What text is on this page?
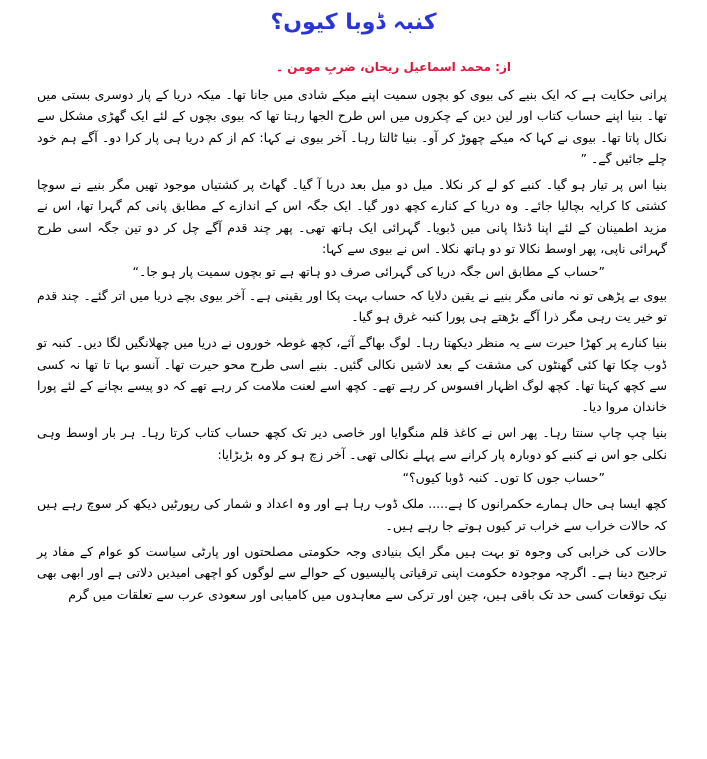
کنبہ ڈوبا کیوں؟
از: محمد اسماعیل ریحان، ضربِ مومن ۔

پرانی حکایت ہے کہ ایک بنیے کی بیوی کو بچوں سمیت اپنے میکے شادی میں جانا تھا۔ میکہ دریا کے پار دوسری بستی میں تھا۔ بنیا اپنے حساب کتاب اور لین دین کے چکروں میں اس طرح الجھا رہتا تھا کہ بیوی بچوں کے لئے ایک گھڑی مشکل سے نکال پاتا تھا۔ بیوی نے کہا کہ میکے چھوڑ کر آو۔ بنیا ٹالتا رہا۔ آخر بیوی نے کہا: کم از کم دریا ہی پار کرا دو۔ آگے ہم خود چلے جائیں گے۔ ”

بنیا اس پر تیار ہو گیا۔ کنبے کو لے کر نکلا۔ میل دو میل بعد دریا آ گیا۔ گھاٹ پر کشتیاں موجود تھیں مگر بنیے نے سوچا کشتی کا کرایہ بچالیا جائے۔ وہ دریا کے کنارے کچھ دور گیا۔ ایک جگہ اس کے اندازے کے مطابق پانی کم گہرا تھا، اس نے مزید اطمینان کے لئے اپنا ڈنڈا پانی میں ڈبویا۔ گہرائی ایک ہاتھ تھی۔ پھر چند قدم آگے چل کر دو تین جگہ اسی طرح گہرائی ناپی، پھر اوسط نکالا تو دو ہاتھ نکلا۔ اس نے بیوی سے کہا:

”حساب کے مطابق اس جگہ دریا کی گہرائی صرف دو ہاتھ ہے تو بچوں سمیت پار ہو جا۔“

بیوی بے پڑھی تو نہ مانی مگر بنیے نے یقین دلایا کہ حساب بہت پکا اور یقینی ہے۔ آخر بیوی بچے دریا میں اتر گئے۔ چند قدم تو خیر یت رہی مگر ذرا آگے بڑھتے ہی پورا کنبہ غرق ہو گیا۔

بنیا کنارے پر کھڑا حیرت سے یہ منظر دیکھتا رہا۔ لوگ بھاگے آئے، کچھ غوطہ خوروں نے دریا میں چھلانگیں لگا دیں۔ کنبہ تو ڈوب چکا تھا کئی گھنٹوں کی مشقت کے بعد لاشیں نکالی گئیں۔ بنیے اسی طرح محو حیرت تھا۔ آنسو بہا تا تھا نہ کسی سے کچھ کہتا تھا۔ کچھ لوگ اظہار افسوس کر رہے تھے۔ کچھ اسے لعنت ملامت کر رہے تھے کہ دو پیسے بچانے کے لئے پورا خاندان مروا دیا۔

بنیا چپ چاپ سنتا رہا۔ پھر اس نے کاغذ قلم منگوایا اور خاصی دیر تک کچھ حساب کتاب کرتا رہا۔ ہر بار اوسط وہی نکلی جو اس نے کنبے کو دوبارہ پار کرانے سے پہلے نکالی تھی۔ آخر زچ ہو کر وہ بڑبڑایا:

”حساب جوں کا توں۔ کنبہ ڈوبا کیوں؟“

کچھ ایسا ہی حال ہمارے حکمرانوں کا ہے..... ملک ڈوب رہا ہے اور وہ اعداد و شمار کی رپورٹیں دیکھ کر سوچ رہے ہیں کہ حالات خراب سے خراب تر کیوں ہوتے جا رہے ہیں۔

حالات کی خرابی کی وجوہ تو بہت ہیں مگر ایک بنیادی وجہ حکومتی مصلحتوں اور پارٹی سیاست کو عوام کے مفاد پر ترجیح دینا ہے۔ اگرچہ موجودہ حکومت اپنی ترقیاتی پالیسیوں کے حوالے سے لوگوں کو اچھی امیدیں دلاتی ہے اور ابھی بھی نیک توقعات کسی حد تک باقی ہیں، چین اور ترکی سے معاہدوں میں کامیابی اور سعودی عرب سے تعلقات میں گرم
